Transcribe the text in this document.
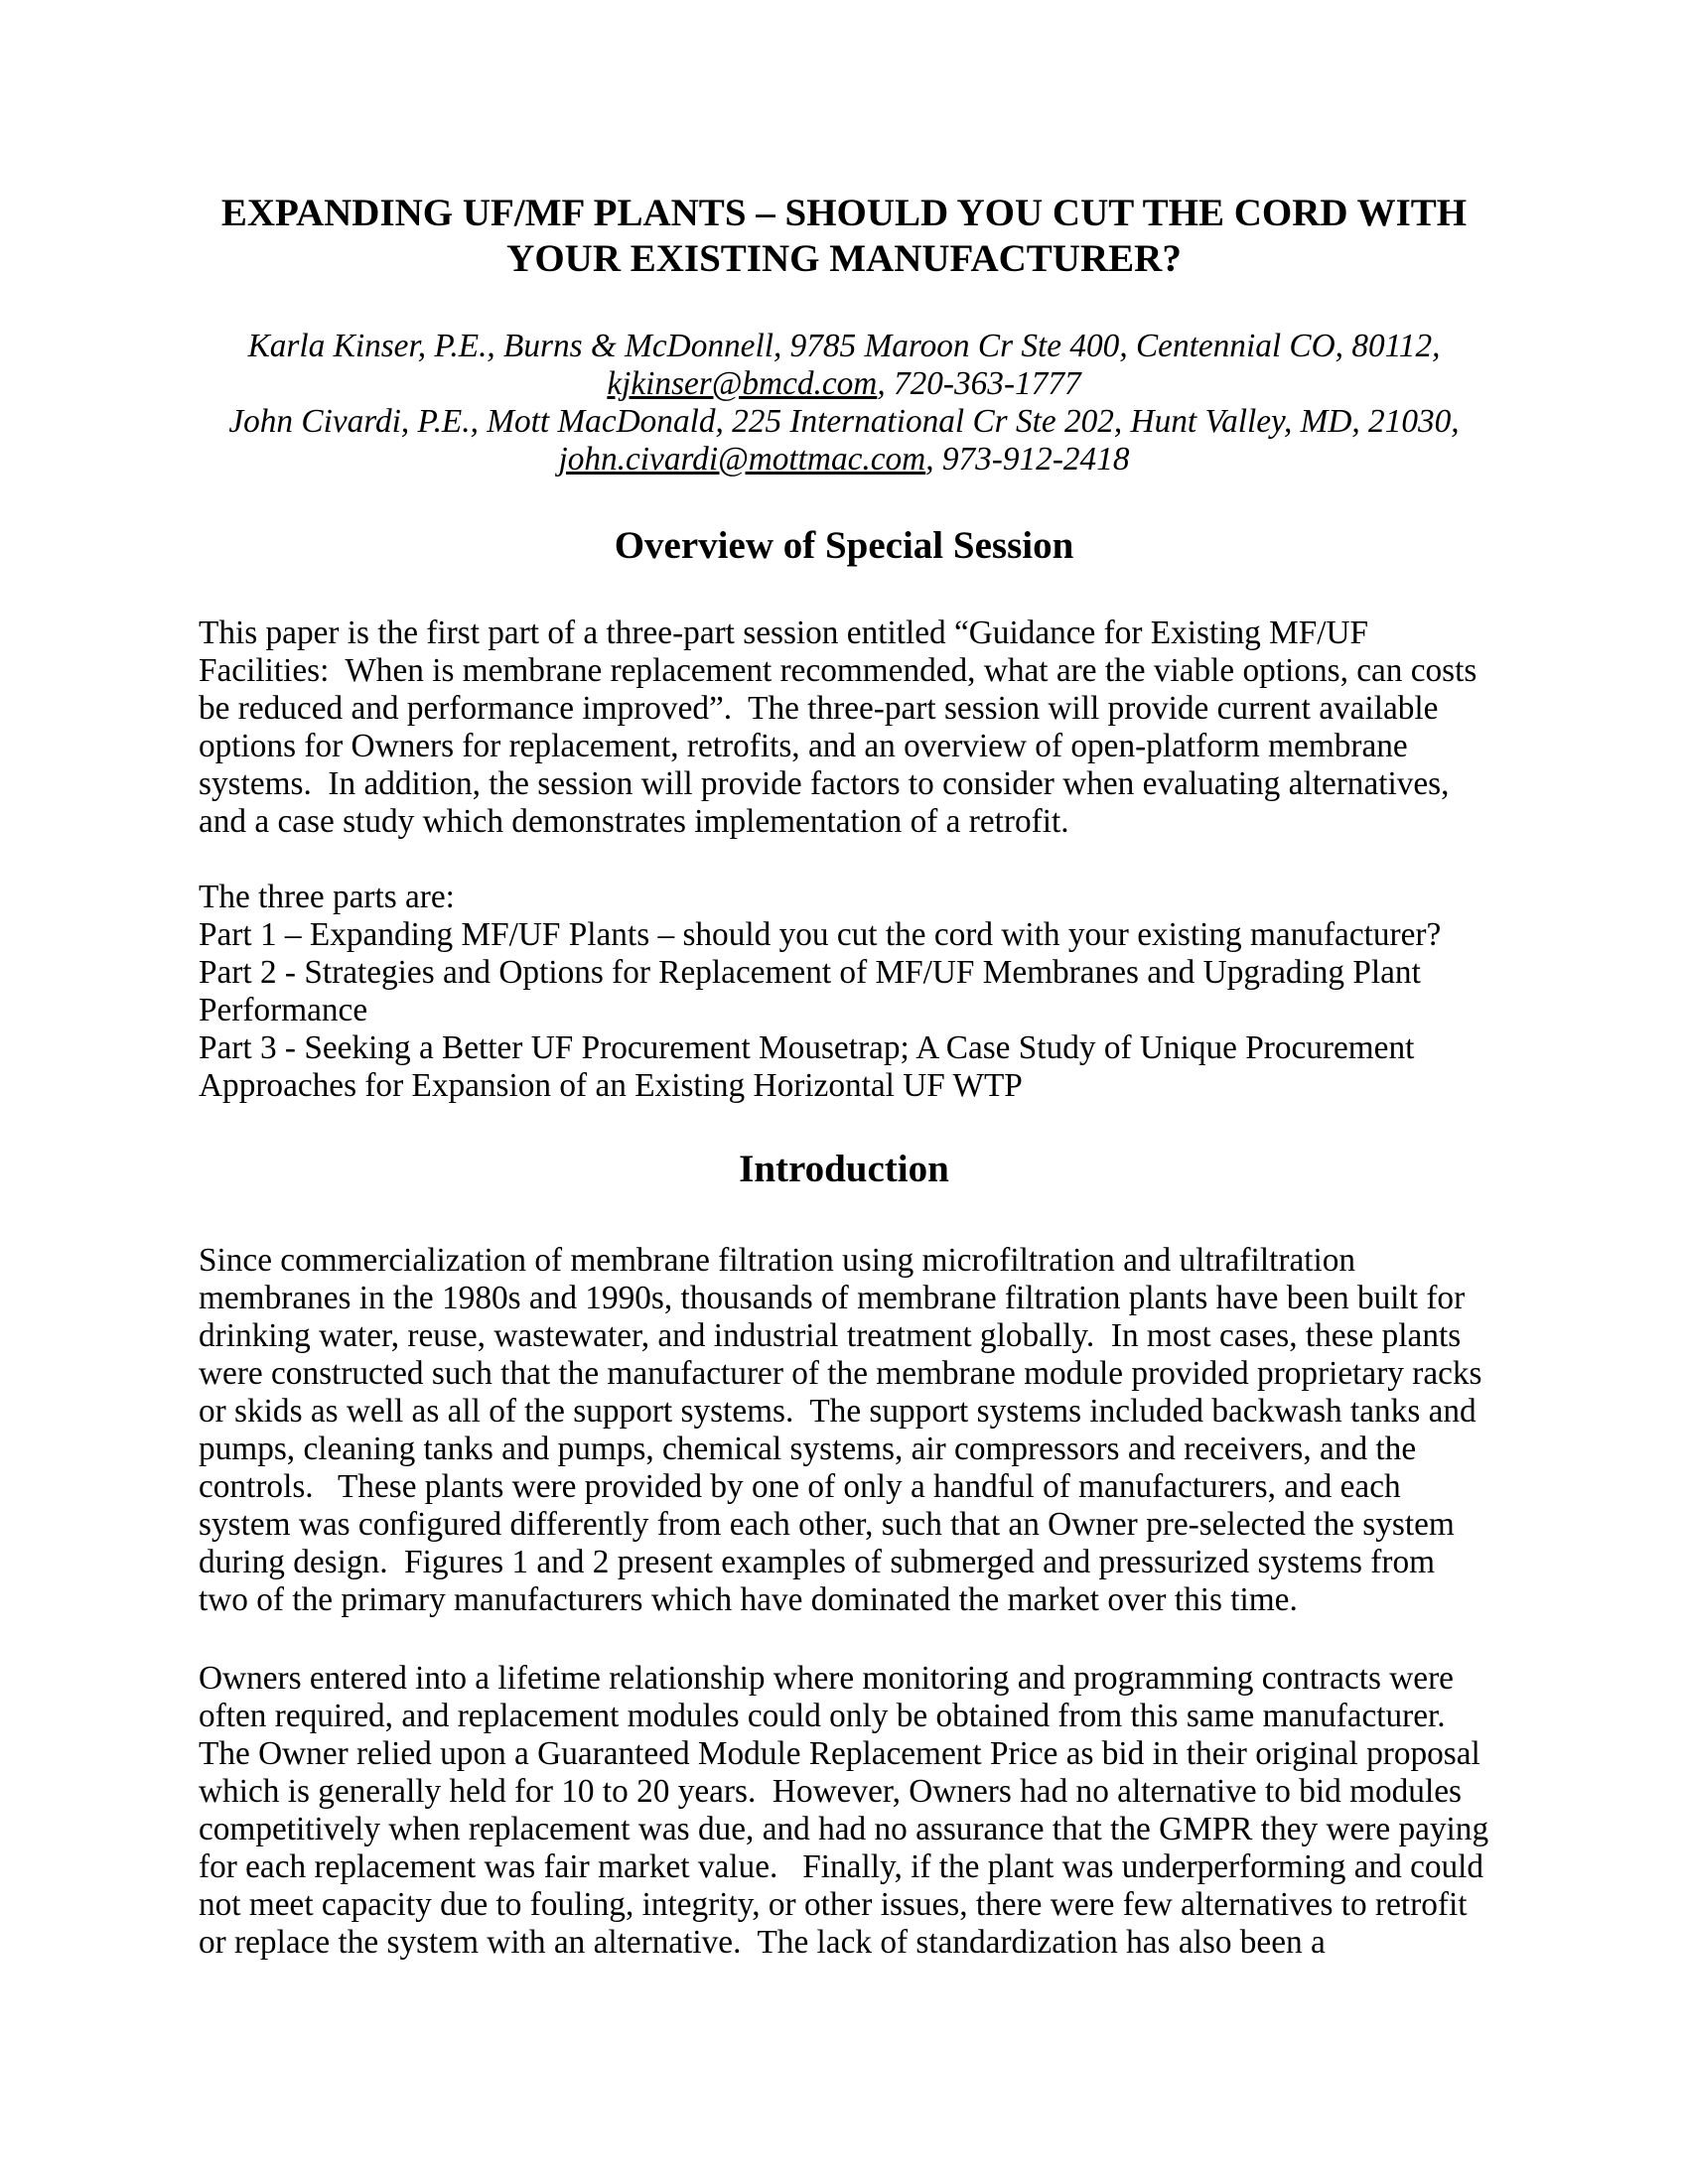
EXPANDING UF/MF PLANTS – SHOULD YOU CUT THE CORD WITH YOUR EXISTING MANUFACTURER?
Karla Kinser, P.E., Burns & McDonnell, 9785 Maroon Cr Ste 400, Centennial CO, 80112,
kjkinser@bmcd.com, 720-363-1777
John Civardi, P.E., Mott MacDonald, 225 International Cr Ste 202, Hunt Valley, MD, 21030,
john.civardi@mottmac.com, 973-912-2418
Overview of Special Session
This paper is the first part of a three-part session entitled “Guidance for Existing MF/UF Facilities:  When is membrane replacement recommended, what are the viable options, can costs be reduced and performance improved”.  The three-part session will provide current available options for Owners for replacement, retrofits, and an overview of open-platform membrane systems.  In addition, the session will provide factors to consider when evaluating alternatives, and a case study which demonstrates implementation of a retrofit.
The three parts are:
Part 1 – Expanding MF/UF Plants – should you cut the cord with your existing manufacturer?
Part 2 - Strategies and Options for Replacement of MF/UF Membranes and Upgrading Plant Performance
Part 3 - Seeking a Better UF Procurement Mousetrap; A Case Study of Unique Procurement Approaches for Expansion of an Existing Horizontal UF WTP
Introduction
Since commercialization of membrane filtration using microfiltration and ultrafiltration membranes in the 1980s and 1990s, thousands of membrane filtration plants have been built for drinking water, reuse, wastewater, and industrial treatment globally.  In most cases, these plants were constructed such that the manufacturer of the membrane module provided proprietary racks or skids as well as all of the support systems.  The support systems included backwash tanks and pumps, cleaning tanks and pumps, chemical systems, air compressors and receivers, and the controls.   These plants were provided by one of only a handful of manufacturers, and each system was configured differently from each other, such that an Owner pre-selected the system during design.  Figures 1 and 2 present examples of submerged and pressurized systems from two of the primary manufacturers which have dominated the market over this time.
Owners entered into a lifetime relationship where monitoring and programming contracts were often required, and replacement modules could only be obtained from this same manufacturer.  The Owner relied upon a Guaranteed Module Replacement Price as bid in their original proposal which is generally held for 10 to 20 years.  However, Owners had no alternative to bid modules competitively when replacement was due, and had no assurance that the GMPR they were paying for each replacement was fair market value.   Finally, if the plant was underperforming and could not meet capacity due to fouling, integrity, or other issues, there were few alternatives to retrofit or replace the system with an alternative.  The lack of standardization has also been a
